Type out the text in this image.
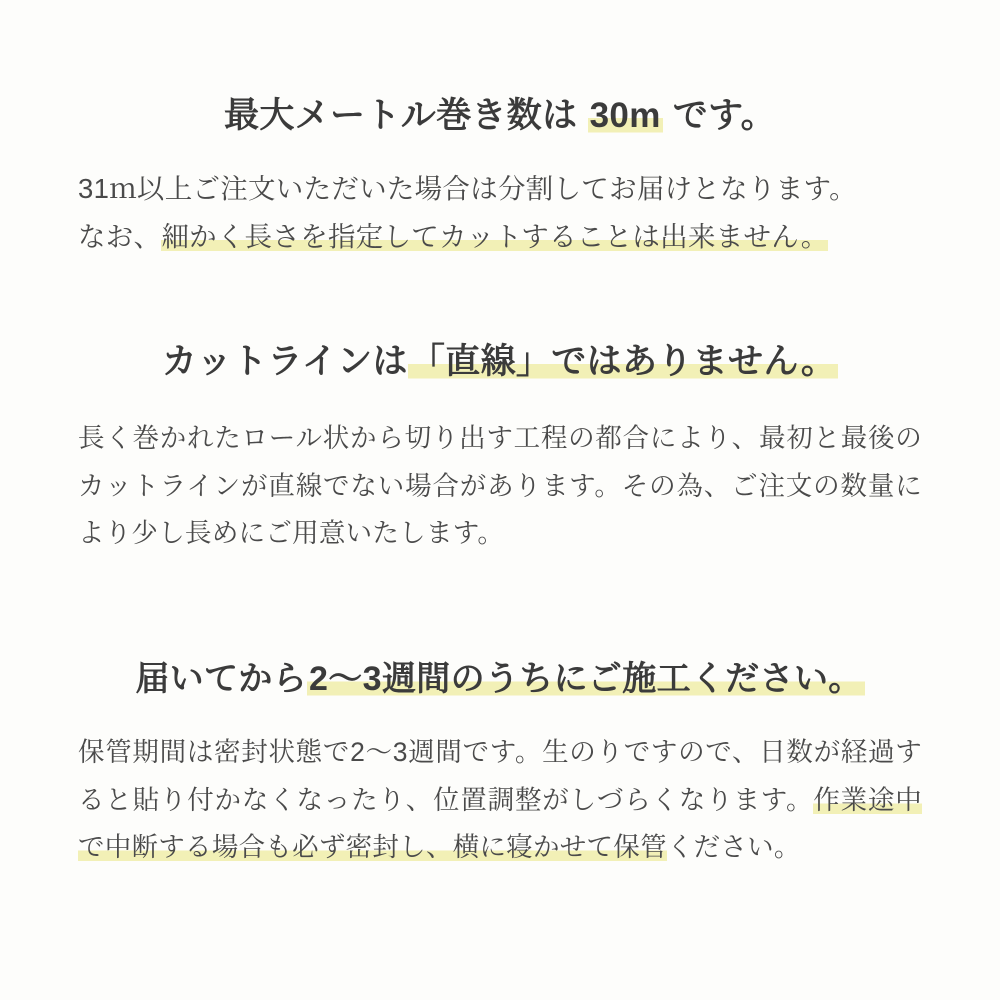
最大メートル巻き数は 30m です。

31ｍ以上ご注文いただいた場合は分割してお届けとなります。
なお、細かく長さを指定してカットすることは出来ません。

カットラインは「直線」ではありません。

長く巻かれたロール状から切り出す工程の都合により、最初と最後のカットラインが直線でない場合があります。その為、ご注文の数量により少し長めにご用意いたします。

届いてから2〜3週間のうちにご施工ください。

保管期間は密封状態で2〜3週間です。生のりですので、日数が経過すると貼り付かなくなったり、位置調整がしづらくなります。作業途中で中断する場合も必ず密封し、横に寝かせて保管ください。
